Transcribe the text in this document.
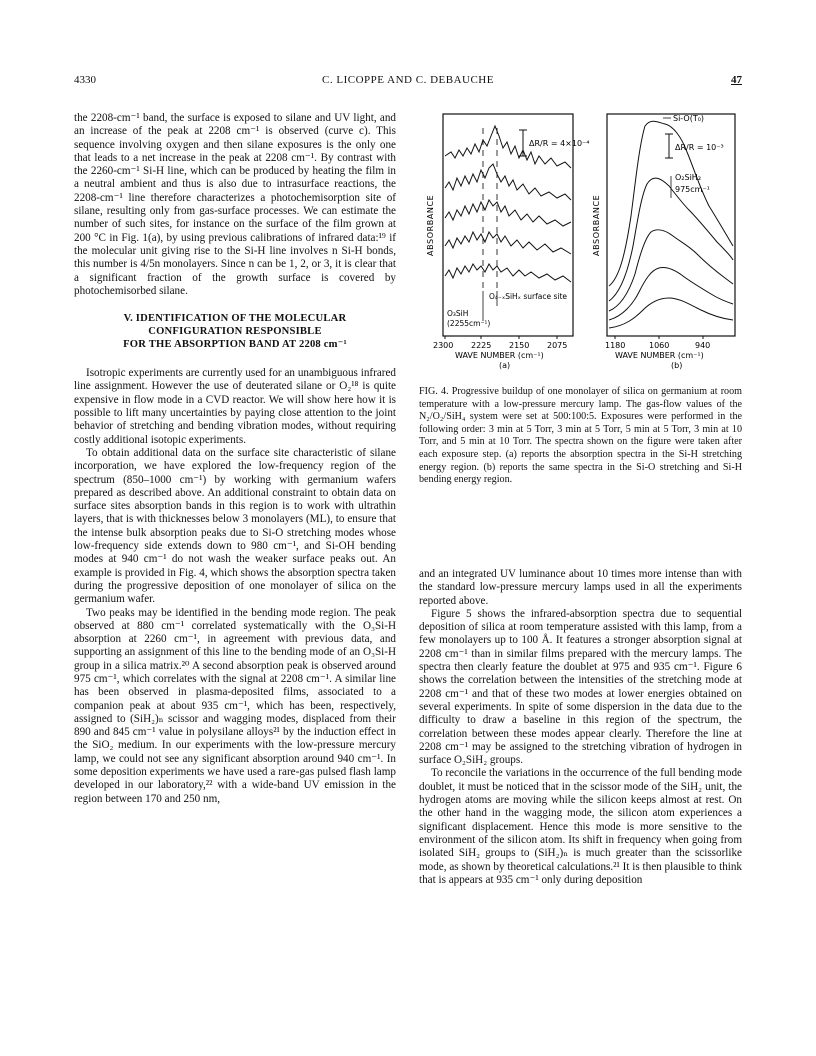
4330	C. LICOPPE AND C. DEBAUCHE	47

the 2208-cm⁻¹ band, the surface is exposed to silane and UV light, and an increase of the peak at 2208 cm⁻¹ is observed (curve c). This sequence involving oxygen and then silane exposures is the only one that leads to a net increase in the peak at 2208 cm⁻¹. By contrast with the 2260-cm⁻¹ Si-H line, which can be produced by heating the film in a neutral ambient and thus is also due to intrasurface reactions, the 2208-cm⁻¹ line therefore characterizes a photochemisorption site of silane, resulting only from gas-surface processes. We can estimate the number of such sites, for instance on the surface of the film grown at 200 °C in Fig. 1(a), by using previous calibrations of infrared data:¹⁹ if the molecular unit giving rise to the Si-H line involves n Si-H bonds, this number is 4/5n monolayers. Since n can be 1, 2, or 3, it is clear that a significant fraction of the growth surface is covered by photochemisorbed silane.

V. IDENTIFICATION OF THE MOLECULAR
CONFIGURATION RESPONSIBLE
FOR THE ABSORPTION BAND AT 2208 cm⁻¹

Isotropic experiments are currently used for an unambiguous infrared line assignment. However the use of deuterated silane or O₂¹⁸ is quite expensive in flow mode in a CVD reactor. We will show here how it is possible to lift many uncertainties by paying close attention to the joint behavior of stretching and bending vibration modes, without requiring costly additional isotopic experiments.

To obtain additional data on the surface site characteristic of silane incorporation, we have explored the low-frequency region of the spectrum (850–1000 cm⁻¹) by working with germanium wafers prepared as described above. An additional constraint to obtain data on surface sites absorption bands in this region is to work with ultrathin layers, that is with thicknesses below 3 monolayers (ML), to ensure that the intense bulk absorption peaks due to Si-O stretching modes whose low-frequency side extends down to 980 cm⁻¹, and Si-OH bending modes at 940 cm⁻¹ do not wash the weaker surface peaks out. An example is provided in Fig. 4, which shows the absorption spectra taken during the progressive deposition of one monolayer of silica on the germanium wafer.

Two peaks may be identified in the bending mode region. The peak observed at 880 cm⁻¹ correlated systematically with the O₃Si-H absorption at 2260 cm⁻¹, in agreement with previous data, and supporting an assignment of this line to the bending mode of an O₃Si-H group in a silica matrix.²⁰ A second absorption peak is observed around 975 cm⁻¹, which correlates with the signal at 2208 cm⁻¹. A similar line has been observed in plasma-deposited films, associated to a companion peak at about 935 cm⁻¹, which has been, respectively, assigned to (SiH₂)ₙ scissor and wagging modes, displaced from their 890 and 845 cm⁻¹ value in polysilane alloys²¹ by the induction effect in the SiO₂ medium. In our experiments with the low-pressure mercury lamp, we could not see any significant absorption around 940 cm⁻¹. In some deposition experiments we have used a rare-gas pulsed flash lamp developed in our laboratory,²² with a wide-band UV emission in the region between 170 and 250 nm,

ΔR/R = 4×10⁻⁴
O₄₋ₓSiHₓ surface site
O₃SiH
(2255cm⁻¹)
ABSORBANCE
2300 2225 2150 2075
WAVE NUMBER (cm⁻¹)
(a)
Si-O(T₀)
ΔR/R = 10⁻³
O₂SiH₂
975cm⁻¹
ABSORBANCE
1180	1060	940
WAVE NUMBER (cm⁻¹)
(b)
FIG. 4. Progressive buildup of one monolayer of silica on germanium at room temperature with a low-pressure mercury lamp. The gas-flow values of the N₂/O₂/SiH₄ system were set at 500:100:5. Exposures were performed in the following order: 3 min at 5 Torr, 3 min at 5 Torr, 5 min at 5 Torr, 3 min at 10 Torr, and 5 min at 10 Torr. The spectra shown on the figure were taken after each exposure step. (a) reports the absorption spectra in the Si-H stretching energy region. (b) reports the same spectra in the Si-O stretching and Si-H bending energy region.

and an integrated UV luminance about 10 times more intense than with the standard low-pressure mercury lamps used in all the experiments reported above.

Figure 5 shows the infrared-absorption spectra due to sequential deposition of silica at room temperature assisted with this lamp, from a few monolayers up to 100 Å. It features a stronger absorption signal at 2208 cm⁻¹ than in similar films prepared with the mercury lamps. The spectra then clearly feature the doublet at 975 and 935 cm⁻¹. Figure 6 shows the correlation between the intensities of the stretching mode at 2208 cm⁻¹ and that of these two modes at lower energies obtained on several experiments. In spite of some dispersion in the data due to the difficulty to draw a baseline in this region of the spectrum, the correlation between these modes appear clearly. Therefore the line at 2208 cm⁻¹ may be assigned to the stretching vibration of hydrogen in surface O₂SiH₂ groups.

To reconcile the variations in the occurrence of the full bending mode doublet, it must be noticed that in the scissor mode of the SiH₂ unit, the hydrogen atoms are moving while the silicon keeps almost at rest. On the other hand in the wagging mode, the silicon atom experiences a significant displacement. Hence this mode is more sensitive to the environment of the silicon atom. Its shift in frequency when going from isolated SiH₂ groups to (SiH₂)ₙ is much greater than the scissorlike mode, as shown by theoretical calculations.²¹ It is then plausible to think that is appears at 935 cm⁻¹ only during deposition
